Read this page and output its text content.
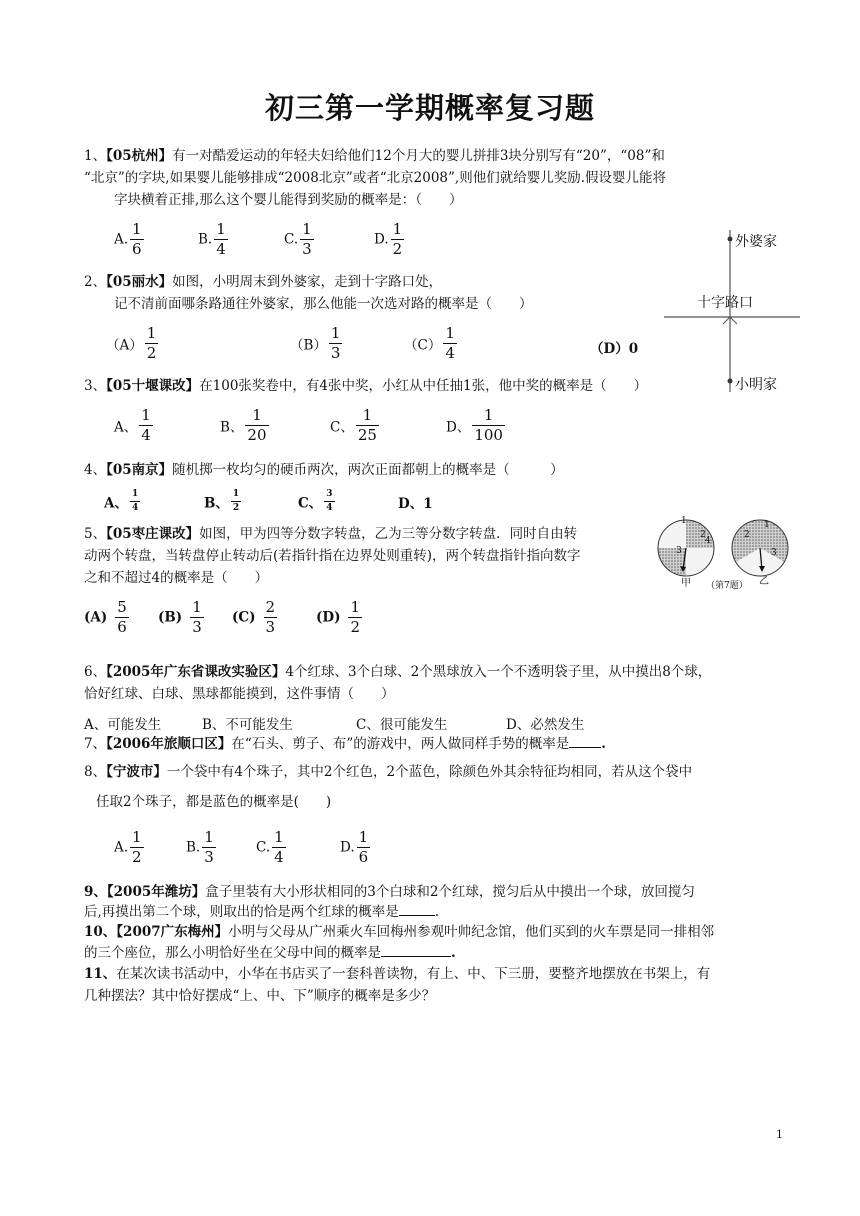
初三第一学期概率复习题
1、【05杭州】有一对酷爱运动的年轻夫妇给他们12个月大的婴儿拼排3块分别写有“20”，“08”和
“北京”的字块,如果婴儿能够排成“2008北京”或者“北京2008”,则他们就给婴儿奖励.假设婴儿能将
字块横着正排,那么这个婴儿能得到奖励的概率是：（　　）
A. $\frac{1}{6}$	B. $\frac{1}{4}$	C. $\frac{1}{3}$	D. $\frac{1}{2}$	外婆家
十字路口
小明家
2、【05丽水】如图，小明周末到外婆家，走到十字路口处，
记不清前面哪条路通往外婆家，那么他能一次选对路的概率是（　　）
$(A) \frac{1}{2}$	$(B) \frac{1}{3}$	$(C) \frac{1}{4}$	（D）0
3、【05十堰课改】在100张奖卷中，有4张中奖，小红从中任抽1张，他中奖的概率是（　　）
A、 $\frac{1}{4}$	B、 $\frac{1}{20}$	C、 $\frac{1}{25}$	D、 $\frac{1}{100}$
4、【05南京】随机掷一枚均匀的硬币两次，两次正面都朝上的概率是（　　　）
A、 $\frac{1}{4}$	B、 $\frac{1}{2}$	C、 $\frac{3}{4}$	D、1
5、【05枣庄课改】如图，甲为四等分数字转盘，乙为三等分数字转盘．同时自由转
动两个转盘，当转盘停止转动后(若指针指在边界处则重转)，两个转盘指针指向数字
之和不超过4的概率是（　　）
1
2
3
4
1
2
3
甲 （第7题） 乙
$(A) \frac{5}{6} (B) \frac{1}{3} (C) \frac{2}{3}$	$(D) \frac{1}{2}$
6、【2005年广东省课改实验区】4个红球、3个白球、2个黑球放入一个不透明袋子里，从中摸出8个球，
恰好红球、白球、黑球都能摸到，这件事情（　　）
A、可能发生	B、不可能发生	C、很可能发生	D、必然发生
7、【2006年旅顺口区】在“石头、剪子、布”的游戏中，两人做同样手势的概率是 .
8、【宁波市】一个袋中有4个珠子，其中2个红色，2个蓝色，除颜色外其余特征均相同，若从这个袋中
任取2个珠子，都是蓝色的概率是(　　)
A. $\frac{1}{2}$	B. $\frac{1}{3}$	C. $\frac{1}{4}$	D. $\frac{1}{6}$
9、【2005年潍坊】盒子里装有大小形状相同的3个白球和2个红球，搅匀后从中摸出一个球，放回搅匀
后,再摸出第二个球，则取出的恰是两个红球的概率是	.
10、【2007广东梅州】小明与父母从广州乘火车回梅州参观叶帅纪念馆，他们买到的火车票是同一排相邻
的三个座位，那么小明恰好坐在父母中间的概率是	.
11、在某次读书活动中，小华在书店买了一套科普读物，有上、中、下三册，要整齐地摆放在书架上，有
几种摆法？其中恰好摆成“上、中、下”顺序的概率是多少？
1
